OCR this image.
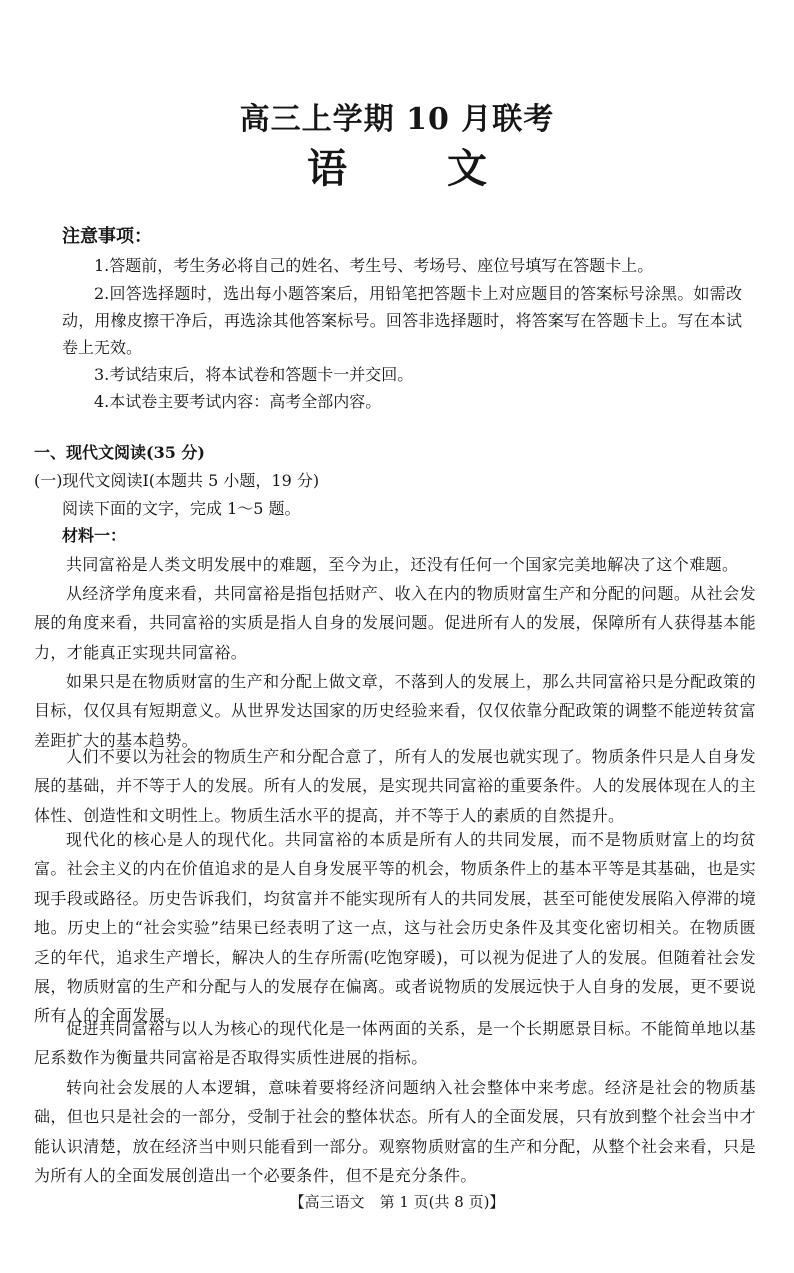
高三上学期 10 月联考
语	文
注意事项：

1.答题前，考生务必将自己的姓名、考生号、考场号、座位号填写在答题卡上。

2.回答选择题时，选出每小题答案后，用铅笔把答题卡上对应题目的答案标号涂黑。如需改动，用橡皮擦干净后，再选涂其他答案标号。回答非选择题时，将答案写在答题卡上。写在本试卷上无效。

3.考试结束后，将本试卷和答题卡一并交回。

4.本试卷主要考试内容：高考全部内容。

一、现代文阅读(35 分)

(一)现代文阅读Ⅰ(本题共 5 小题，19 分)

阅读下面的文字，完成 1～5 题。

材料一：

共同富裕是人类文明发展中的难题，至今为止，还没有任何一个国家完美地解决了这个难题。

从经济学角度来看，共同富裕是指包括财产、收入在内的物质财富生产和分配的问题。从社会发展的角度来看，共同富裕的实质是指人自身的发展问题。促进所有人的发展，保障所有人获得基本能力，才能真正实现共同富裕。

如果只是在物质财富的生产和分配上做文章，不落到人的发展上，那么共同富裕只是分配政策的目标，仅仅具有短期意义。从世界发达国家的历史经验来看，仅仅依靠分配政策的调整不能逆转贫富差距扩大的基本趋势。

人们不要以为社会的物质生产和分配合意了，所有人的发展也就实现了。物质条件只是人自身发展的基础，并不等于人的发展。所有人的发展，是实现共同富裕的重要条件。人的发展体现在人的主体性、创造性和文明性上。物质生活水平的提高，并不等于人的素质的自然提升。

现代化的核心是人的现代化。共同富裕的本质是所有人的共同发展，而不是物质财富上的均贫富。社会主义的内在价值追求的是人自身发展平等的机会，物质条件上的基本平等是其基础，也是实现手段或路径。历史告诉我们，均贫富并不能实现所有人的共同发展，甚至可能使发展陷入停滞的境地。历史上的“社会实验”结果已经表明了这一点，这与社会历史条件及其变化密切相关。在物质匮乏的年代，追求生产增长，解决人的生存所需(吃饱穿暖)，可以视为促进了人的发展。但随着社会发展，物质财富的生产和分配与人的发展存在偏离。或者说物质的发展远快于人自身的发展，更不要说所有人的全面发展。

促进共同富裕与以人为核心的现代化是一体两面的关系，是一个长期愿景目标。不能简单地以基尼系数作为衡量共同富裕是否取得实质性进展的指标。

转向社会发展的人本逻辑，意味着要将经济问题纳入社会整体中来考虑。经济是社会的物质基础，但也只是社会的一部分，受制于社会的整体状态。所有人的全面发展，只有放到整个社会当中才能认识清楚，放在经济当中则只能看到一部分。观察物质财富的生产和分配，从整个社会来看，只是为所有人的全面发展创造出一个必要条件，但不是充分条件。

【高三语文　第 1 页(共 8 页)】
